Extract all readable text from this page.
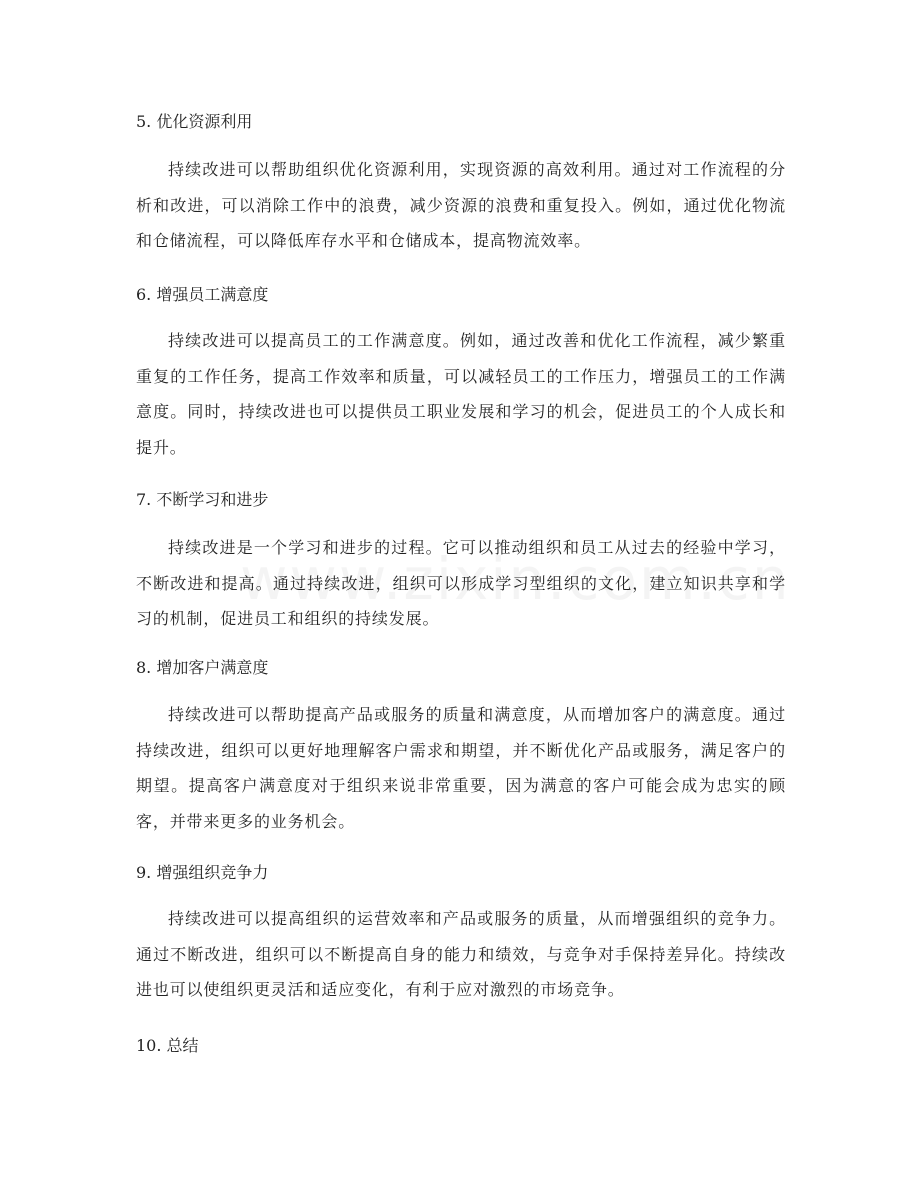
5. 优化资源利用
持续改进可以帮助组织优化资源利用，实现资源的高效利用。通过对工作流程的分析和改进，可以消除工作中的浪费，减少资源的浪费和重复投入。例如，通过优化物流和仓储流程，可以降低库存水平和仓储成本，提高物流效率。
6. 增强员工满意度
持续改进可以提高员工的工作满意度。例如，通过改善和优化工作流程，减少繁重重复的工作任务，提高工作效率和质量，可以减轻员工的工作压力，增强员工的工作满意度。同时，持续改进也可以提供员工职业发展和学习的机会，促进员工的个人成长和提升。
7. 不断学习和进步
持续改进是一个学习和进步的过程。它可以推动组织和员工从过去的经验中学习，不断改进和提高。通过持续改进，组织可以形成学习型组织的文化，建立知识共享和学习的机制，促进员工和组织的持续发展。
8. 增加客户满意度
持续改进可以帮助提高产品或服务的质量和满意度，从而增加客户的满意度。通过持续改进，组织可以更好地理解客户需求和期望，并不断优化产品或服务，满足客户的期望。提高客户满意度对于组织来说非常重要，因为满意的客户可能会成为忠实的顾客，并带来更多的业务机会。
9. 增强组织竞争力
持续改进可以提高组织的运营效率和产品或服务的质量，从而增强组织的竞争力。通过不断改进，组织可以不断提高自身的能力和绩效，与竞争对手保持差异化。持续改进也可以使组织更灵活和适应变化，有利于应对激烈的市场竞争。
10. 总结
